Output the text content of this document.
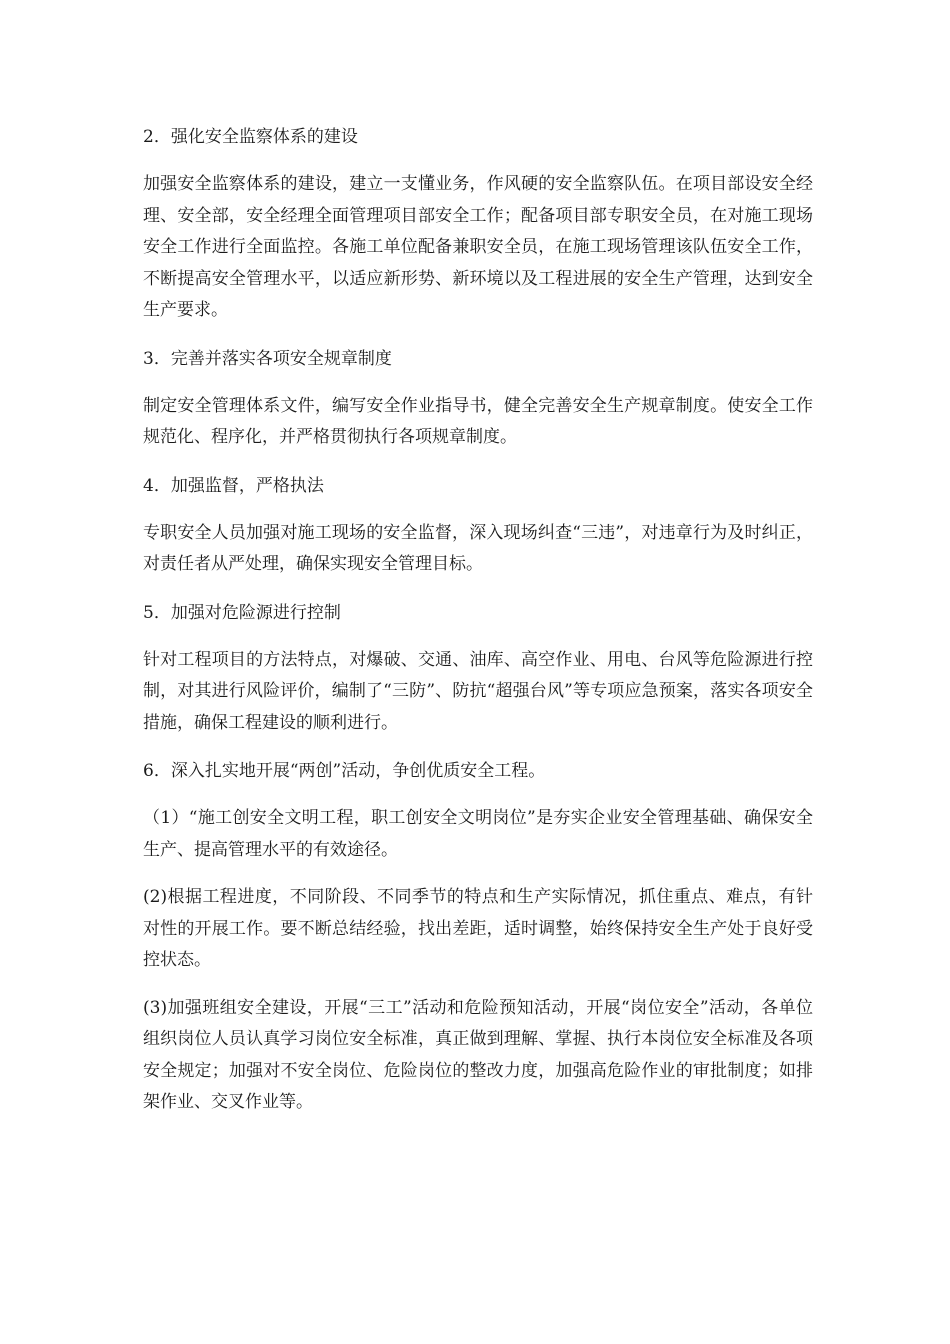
2．强化安全监察体系的建设

加强安全监察体系的建设，建立一支懂业务，作风硬的安全监察队伍。在项目部设安全经理、安全部，安全经理全面管理项目部安全工作；配备项目部专职安全员，在对施工现场安全工作进行全面监控。各施工单位配备兼职安全员，在施工现场管理该队伍安全工作，不断提高安全管理水平，以适应新形势、新环境以及工程进展的安全生产管理，达到安全生产要求。

3．完善并落实各项安全规章制度

制定安全管理体系文件，编写安全作业指导书，健全完善安全生产规章制度。使安全工作规范化、程序化，并严格贯彻执行各项规章制度。

4．加强监督，严格执法

专职安全人员加强对施工现场的安全监督，深入现场纠查“三违”，对违章行为及时纠正，对责任者从严处理，确保实现安全管理目标。

5．加强对危险源进行控制

针对工程项目的方法特点，对爆破、交通、油库、高空作业、用电、台风等危险源进行控制，对其进行风险评价，编制了“三防”、防抗“超强台风”等专项应急预案，落实各项安全措施，确保工程建设的顺利进行。

6．深入扎实地开展“两创”活动，争创优质安全工程。

（1）“施工创安全文明工程，职工创安全文明岗位”是夯实企业安全管理基础、确保安全生产、提高管理水平的有效途径。

(2)根据工程进度，不同阶段、不同季节的特点和生产实际情况，抓住重点、难点，有针对性的开展工作。要不断总结经验，找出差距，适时调整，始终保持安全生产处于良好受控状态。

(3)加强班组安全建设，开展“三工”活动和危险预知活动，开展“岗位安全”活动，各单位组织岗位人员认真学习岗位安全标准，真正做到理解、掌握、执行本岗位安全标准及各项安全规定；加强对不安全岗位、危险岗位的整改力度，加强高危险作业的审批制度；如排架作业、交叉作业等。
